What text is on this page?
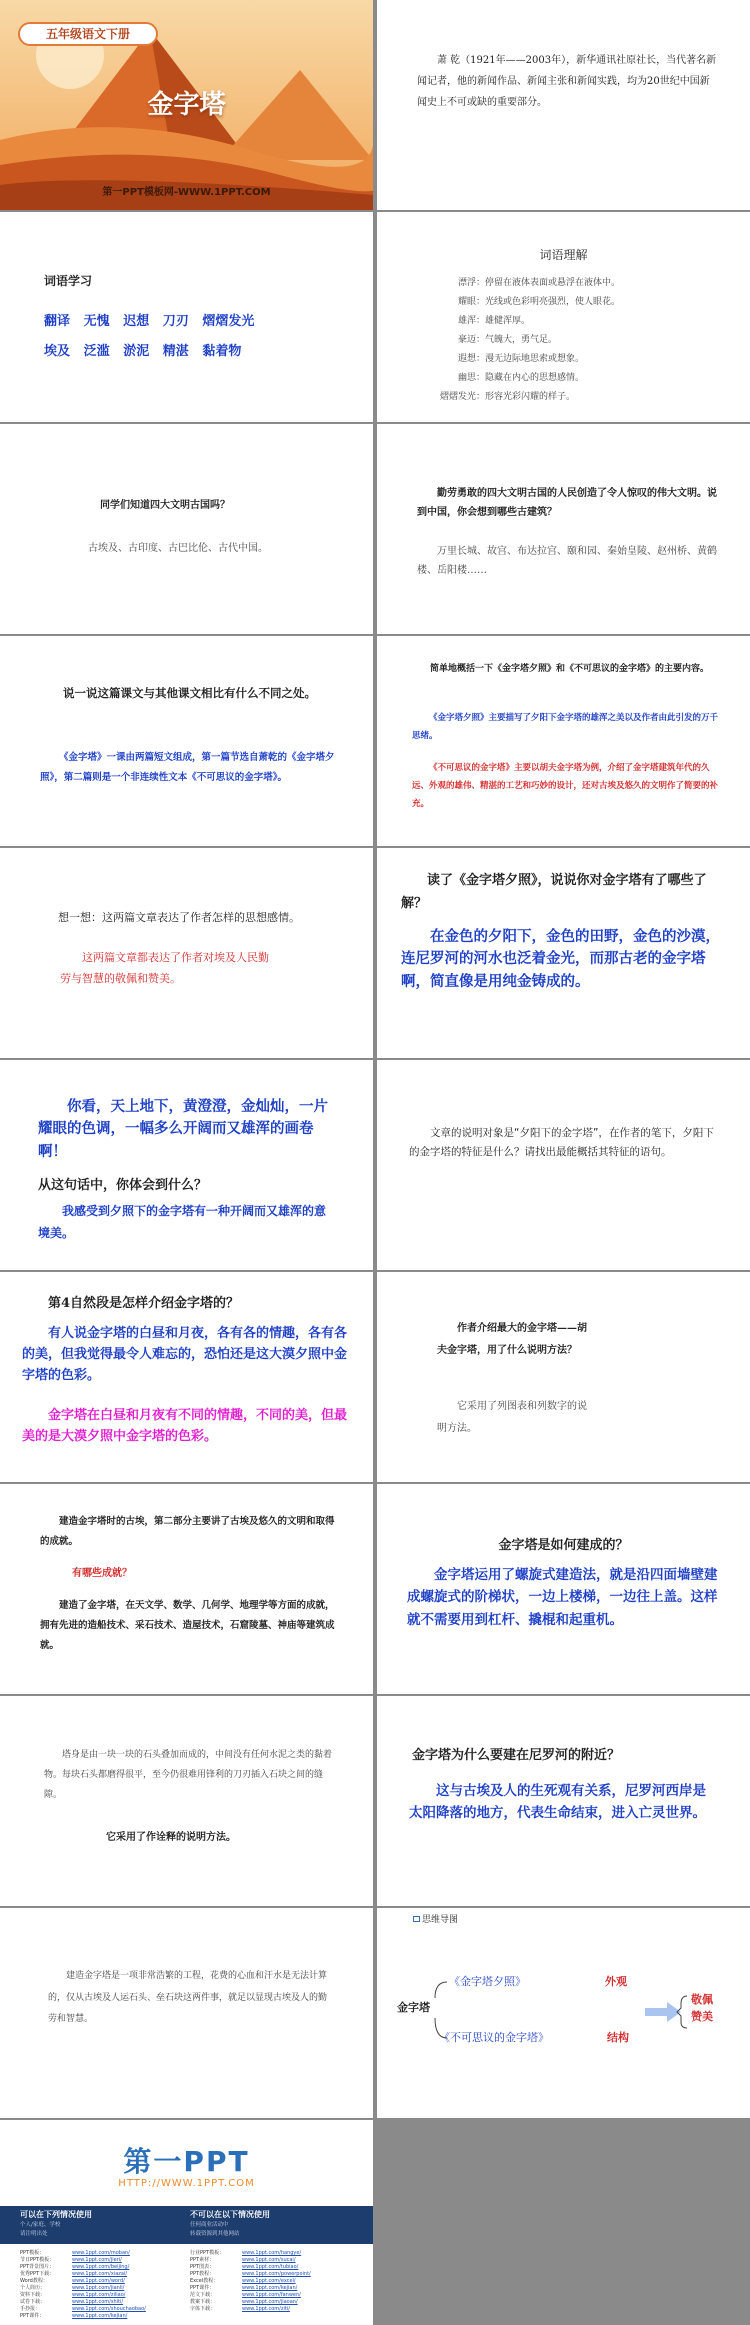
五年级语文下册
金字塔
第一PPT模板网-WWW.1PPT.COM
萧 乾（1921年——2003年），新华通讯社原社长，当代著名新闻记者，他的新闻作品、新闻主张和新闻实践，均为20世纪中国新闻史上不可或缺的重要部分。
词语学习
翻译 无愧 迟想 刀刃 熠熠发光
埃及 泛滥 淤泥 精湛 黏着物
词语理解
漂浮：停留在液体表面或悬浮在液体中。
耀眼：光线或色彩明亮强烈，使人眼花。
雄浑：雄健浑厚。
豪迈：气魄大，勇气足。
遐想：漫无边际地思索或想象。
幽思：隐藏在内心的思想感情。
熠熠发光：形容光彩闪耀的样子。
同学们知道四大文明古国吗？
古埃及、古印度、古巴比伦、古代中国。
勤劳勇敢的四大文明古国的人民创造了令人惊叹的伟大文明。说到中国，你会想到哪些古建筑？
万里长城、故宫、布达拉宫、颐和园、秦始皇陵、赵州桥、黄鹤楼、岳阳楼……
说一说这篇课文与其他课文相比有什么不同之处。
《金字塔》一课由两篇短文组成，第一篇节选自萧乾的《金字塔夕照》，第二篇则是一个非连续性文本《不可思议的金字塔》。
简单地概括一下《金字塔夕照》和《不可思议的金字塔》的主要内容。
《金字塔夕照》主要描写了夕阳下金字塔的雄浑之美以及作者由此引发的万千思绪。
《不可思议的金字塔》主要以胡夫金字塔为例，介绍了金字塔建筑年代的久远、外观的雄伟、精湛的工艺和巧妙的设计，还对古埃及悠久的文明作了简要的补充。
想一想：这两篇文章表达了作者怎样的思想感情。
这两篇文章都表达了作者对埃及人民勤劳与智慧的敬佩和赞美。
读了《金字塔夕照》，说说你对金字塔有了哪些了解？
在金色的夕阳下，金色的田野，金色的沙漠，连尼罗河的河水也泛着金光，而那古老的金字塔啊，简直像是用纯金铸成的。
你看，天上地下，黄澄澄，金灿灿，一片耀眼的色调，一幅多么开阔而又雄浑的画卷啊！
从这句话中，你体会到什么？
我感受到夕照下的金字塔有一种开阔而又雄浑的意境美。
文章的说明对象是“夕阳下的金字塔”，在作者的笔下，夕阳下的金字塔的特征是什么？请找出最能概括其特征的语句。
第4自然段是怎样介绍金字塔的？
有人说金字塔的白昼和月夜，各有各的情趣，各有各的美，但我觉得最令人难忘的，恐怕还是这大漠夕照中金字塔的色彩。
金字塔在白昼和月夜有不同的情趣，不同的美，但最美的是大漠夕照中金字塔的色彩。
作者介绍最大的金字塔——胡夫金字塔，用了什么说明方法？
它采用了列图表和列数字的说明方法。
建造金字塔时的古埃，第二部分主要讲了古埃及悠久的文明和取得的成就。
有哪些成就？
建造了金字塔，在天文学、数学、几何学、地理学等方面的成就，拥有先进的造船技术、采石技术、造屋技术，石窟陵墓、神庙等建筑成就。
金字塔是如何建成的？
金字塔运用了螺旋式建造法，就是沿四面墙壁建成螺旋式的阶梯状，一边上楼梯，一边往上盖。这样就不需要用到杠杆、撬棍和起重机。
塔身是由一块一块的石头叠加而成的，中间没有任何水泥之类的黏着物。每块石头都磨得很平，至今仍很难用锋利的刀刃插入石块之间的缝隙。
它采用了作诠释的说明方法。
金字塔为什么要建在尼罗河的附近？
这与古埃及人的生死观有关系，尼罗河西岸是太阳降落的地方，代表生命结束，进入亡灵世界。
建造金字塔是一项非常浩繁的工程，花费的心血和汗水是无法计算的，仅从古埃及人运石头、垒石块这两件事，就足以显现古埃及人的勤劳和智慧。
思维导图
金字塔
《金字塔夕照》	外观
《不可思议的金字塔》	结构
敬佩
赞美
第一PPT
HTTP://WWW.1PPT.COM
可以在下列情况使用
个人/家庭、学校
请注明出处
不可以在以下情况使用
任何商业活动中
转载资源到其他网站
PPT模板：	www.1ppt.com/moban/
节日PPT模板：	www.1ppt.com/jieri/
PPT背景图片：	www.1ppt.com/beijing/
优秀PPT下载：	www.1ppt.com/xiazai/
Word教程：	www.1ppt.com/word/
个人简历：	www.1ppt.com/jianli/
资料下载：	www.1ppt.com/ziliao/
试卷下载：	www.1ppt.com/shiti/
手抄报：	www.1ppt.com/shouchaobao/
PPT课件：	www.1ppt.com/kejian/
行业PPT模板：	www.1ppt.com/hangye/
PPT素材：	www.1ppt.com/sucai/
PPT图表：	www.1ppt.com/tubiao/
PPT教程：	www.1ppt.com/powerpoint/
Excel教程：	www.1ppt.com/excel/
PPT课件：	www.1ppt.com/kejian/
范文下载：	www.1ppt.com/fanwen/
教案下载：	www.1ppt.com/jiaoan/
字体下载：	www.1ppt.com/ziti/
